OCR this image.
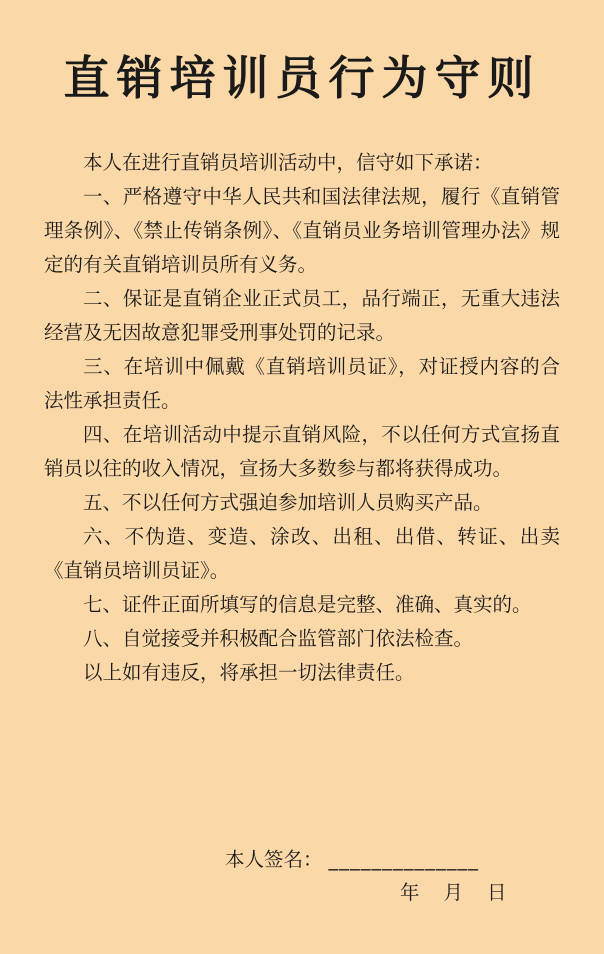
直销培训员行为守则

本人在进行直销员培训活动中，信守如下承诺：

一、严格遵守中华人民共和国法律法规，履行《直销管理条例》、《禁止传销条例》、《直销员业务培训管理办法》规定的有关直销培训员所有义务。

二、保证是直销企业正式员工，品行端正，无重大违法经营及无因故意犯罪受刑事处罚的记录。

三、在培训中佩戴《直销培训员证》，对证授内容的合法性承担责任。

四、在培训活动中提示直销风险，不以任何方式宣扬直销员以往的收入情况，宣扬大多数参与都将获得成功。

五、不以任何方式强迫参加培训人员购买产品。

六、不伪造、变造、涂改、出租、出借、转证、出卖《直销员培训员证》。

七、证件正面所填写的信息是完整、准确、真实的。

八、自觉接受并积极配合监管部门依法检查。

以上如有违反，将承担一切法律责任。

本人签名： ______________
年 月 日
